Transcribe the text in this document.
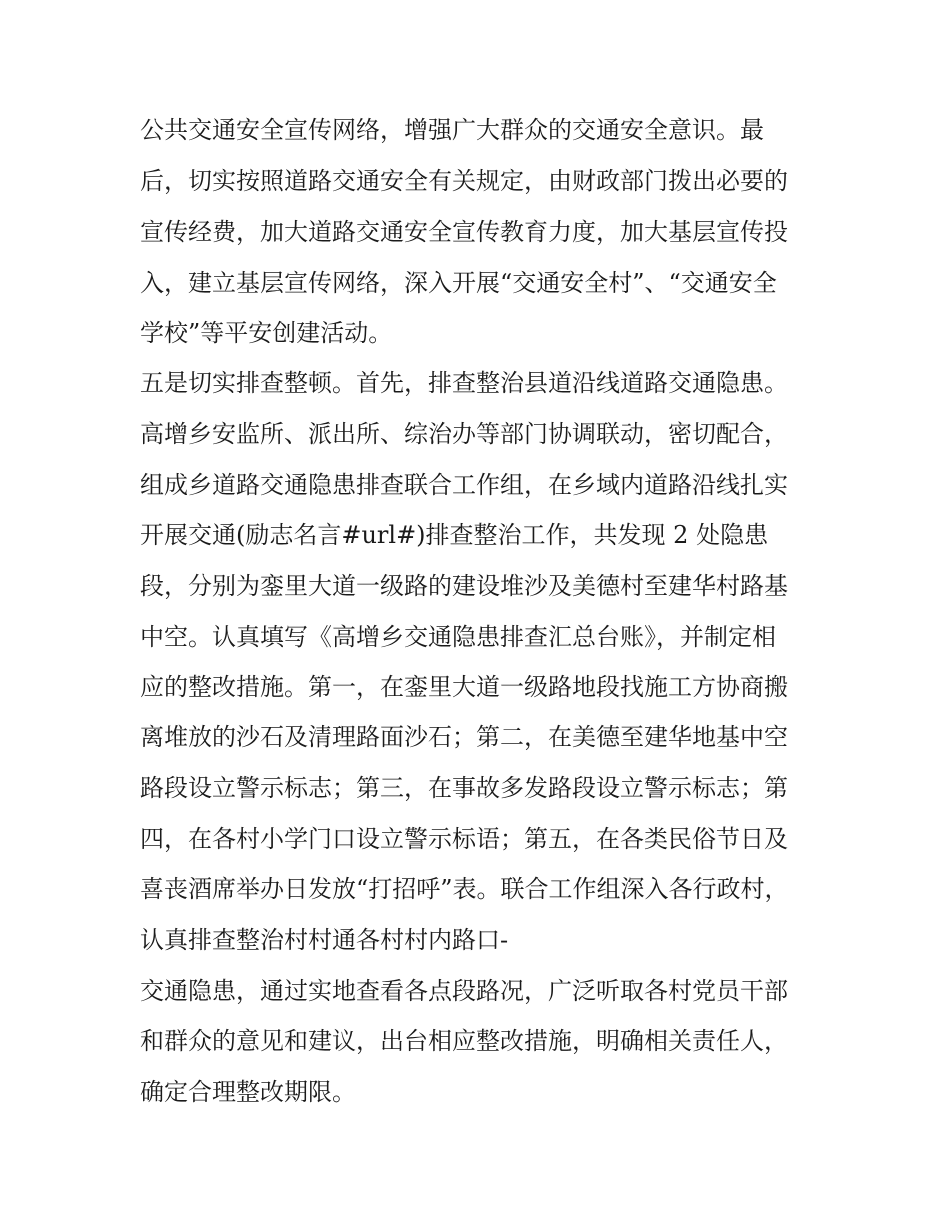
公共交通安全宣传网络，增强广大群众的交通安全意识。最

后，切实按照道路交通安全有关规定，由财政部门拨出必要的

宣传经费，加大道路交通安全宣传教育力度，加大基层宣传投

入，建立基层宣传网络，深入开展“交通安全村”、“交通安全

学校”等平安创建活动。

五是切实排查整顿。首先，排查整治县道沿线道路交通隐患。

高增乡安监所、派出所、综治办等部门协调联动，密切配合，

组成乡道路交通隐患排查联合工作组，在乡域内道路沿线扎实

开展交通(励志名言#url#)排查整治工作，共发现 2 处隐患

段，分别为銮里大道一级路的建设堆沙及美德村至建华村路基

中空。认真填写《高增乡交通隐患排查汇总台账》，并制定相

应的整改措施。第一，在銮里大道一级路地段找施工方协商搬

离堆放的沙石及清理路面沙石；第二，在美德至建华地基中空

路段设立警示标志；第三，在事故多发路段设立警示标志；第

四，在各村小学门口设立警示标语；第五，在各类民俗节日及

喜丧酒席举办日发放“打招呼”表。联合工作组深入各行政村，

认真排查整治村村通各村村内路口-

交通隐患，通过实地查看各点段路况，广泛听取各村党员干部

和群众的意见和建议，出台相应整改措施，明确相关责任人，

确定合理整改期限。
